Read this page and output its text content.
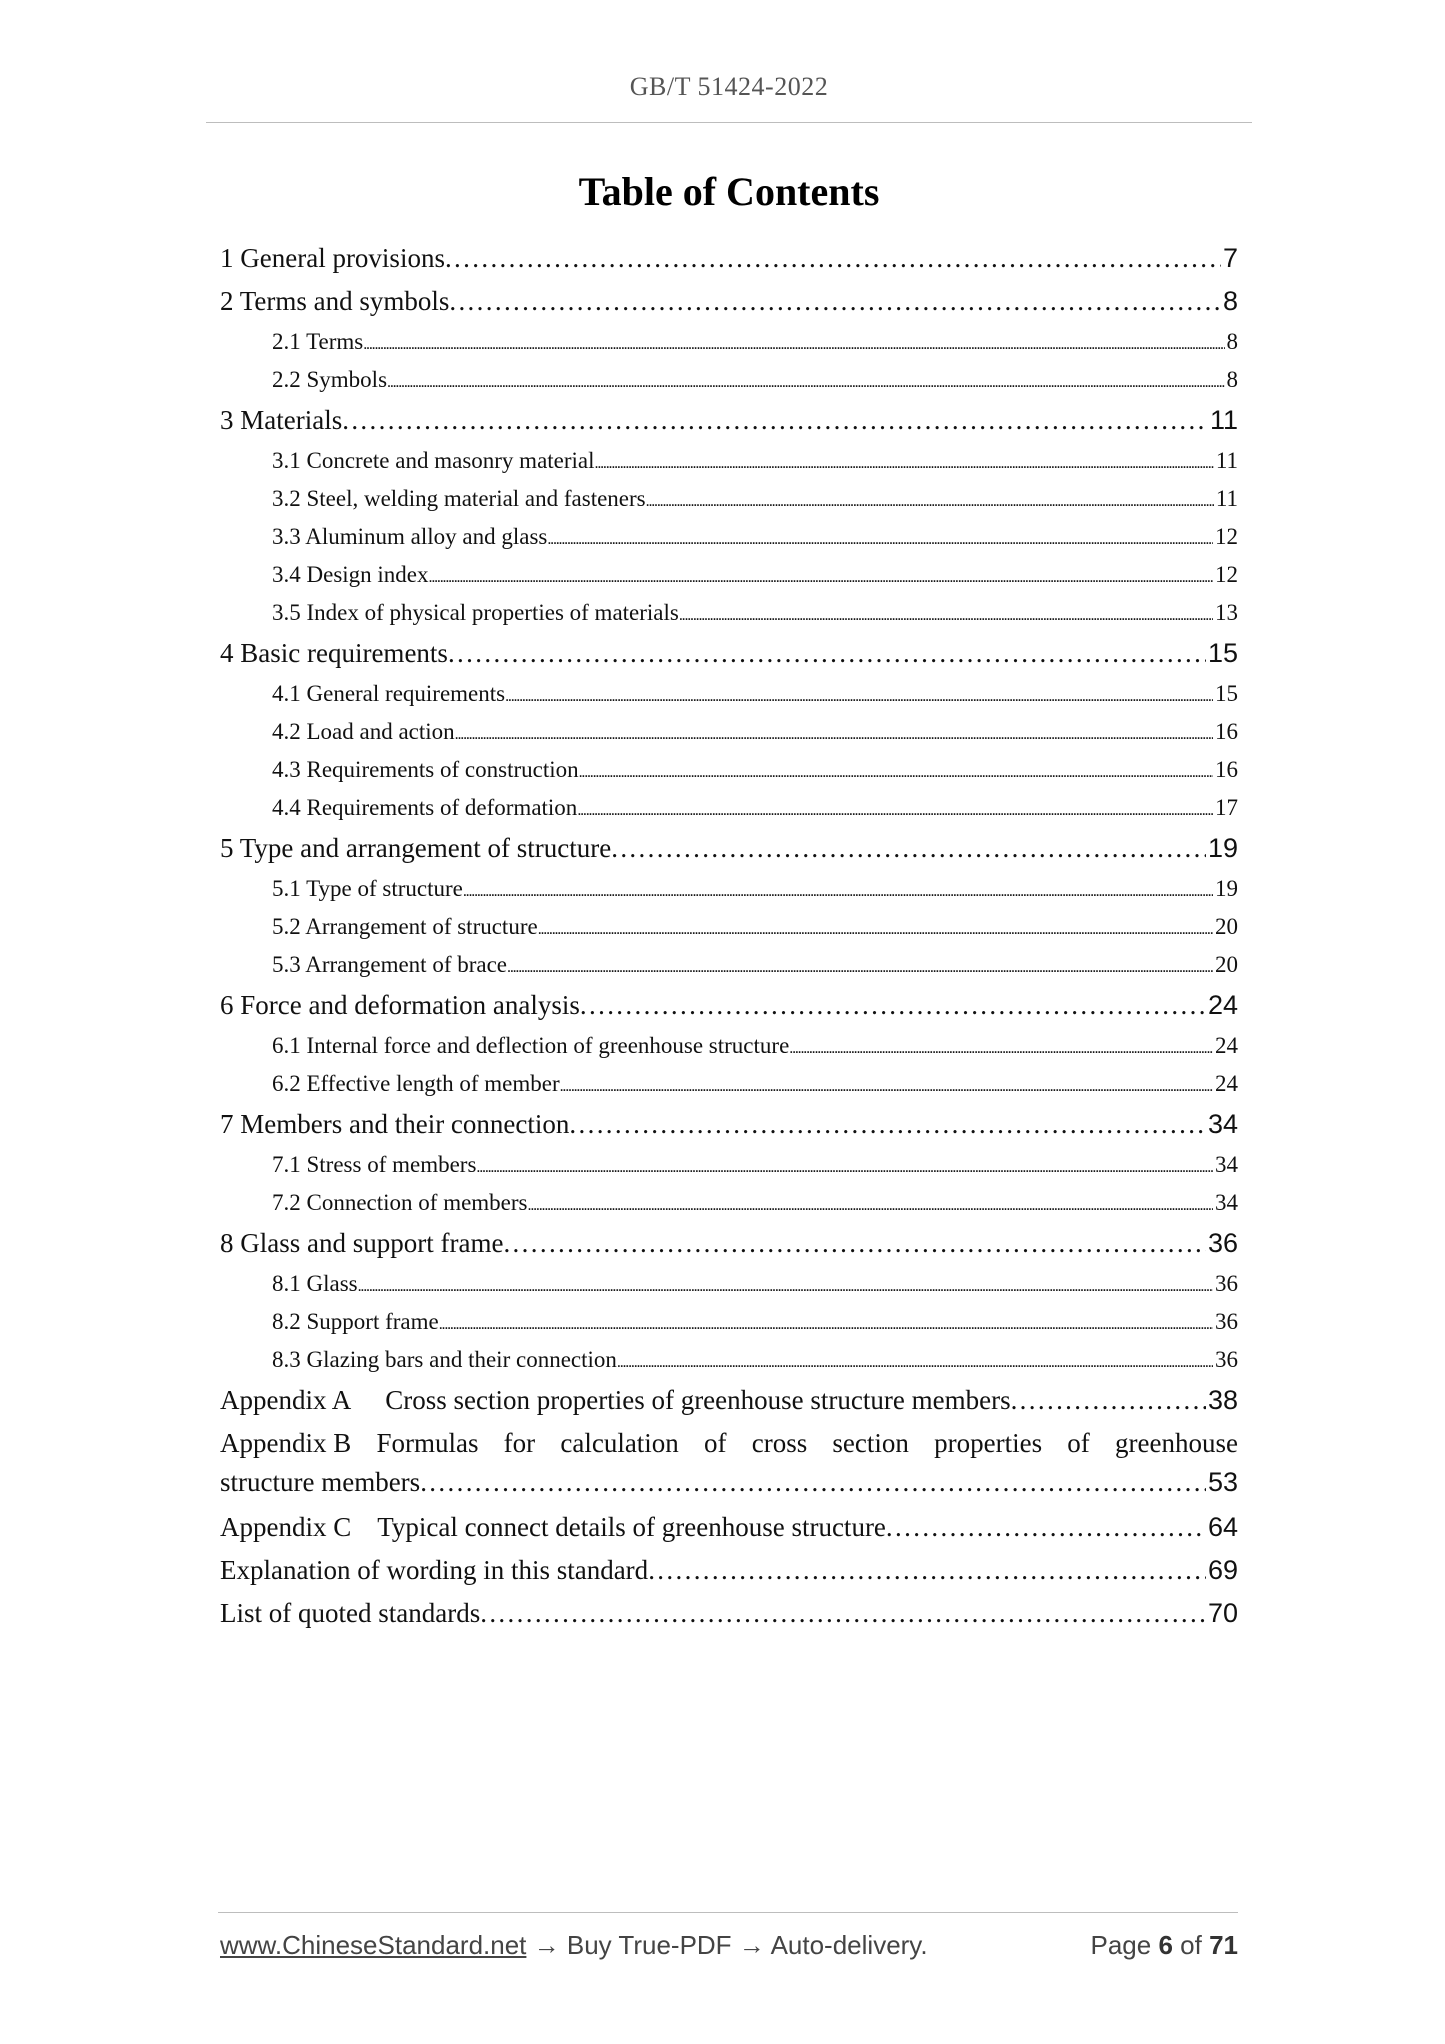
GB/T 51424-2022
Table of Contents
1 General provisions . . .	7
2 Terms and symbols . . .	8
2.1 Terms . . .	8
2.2 Symbols . . .	8
3 Materials . . .	11
3.1 Concrete and masonry material . . .	11
3.2 Steel, welding material and fasteners . . .	11
3.3 Aluminum alloy and glass . . .	12
3.4 Design index . . .	12
3.5 Index of physical properties of materials . . .	13
4 Basic requirements . . .	15
4.1 General requirements . . .	15
4.2 Load and action . . .	16
4.3 Requirements of construction . . .	16
4.4 Requirements of deformation . . .	17
5 Type and arrangement of structure . . .	19
5.1 Type of structure . . .	19
5.2 Arrangement of structure . . .	20
5.3 Arrangement of brace . . .	20
6 Force and deformation analysis . . .	24
6.1 Internal force and deflection of greenhouse structure . . .	24
6.2 Effective length of member . . .	24
7 Members and their connection . . .	34
7.1 Stress of members . . .	34
7.2 Connection of members . . .	34
8 Glass and support frame . . .	36
8.1 Glass . . .	36
8.2 Support frame . . .	36
8.3 Glazing bars and their connection . . .	36
Appendix A Cross section properties of greenhouse structure members . . .	38
Appendix B Formulas for calculation of cross section properties of greenhouse
structure members . . .	53
Appendix C Typical connect details of greenhouse structure . . .	64
Explanation of wording in this standard . . .	69
List of quoted standards . . .	70
www.ChineseStandard.net → Buy True-PDF → Auto-delivery.	Page 6 of 71
